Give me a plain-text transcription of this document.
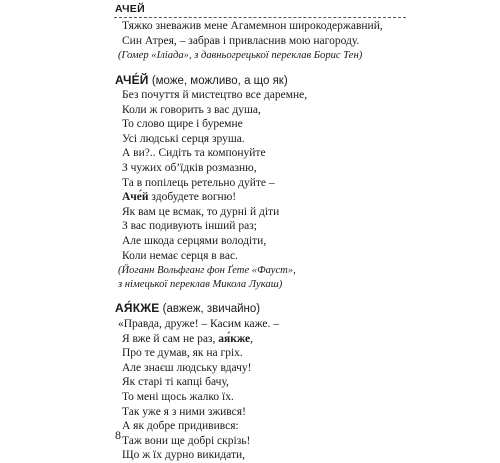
АЧЕЙ
Тяжко зневажив мене Агамемнон широкодержавний,
Син Атрея, – забрав і привласнив мою нагороду.
(Гомер «Іліада», з давньогрецької переклав Борис Тен)
АЧЕ́Й (може, можливо, а що як)
Без почуття й мистецтво все даремне,
Коли ж говорить з вас душа,
То слово щире і буремне
Усі людські серця зруша.
А ви?.. Сидіть та компонуйте
З чужих об’їдків розмазню,
Та в попілець ретельно дуйте –
Аче́й здобудете вогню!
Як вам це всмак, то дурні й діти
З вас подивують інший раз;
Але шкода серцями володіти,
Коли немає серця в вас.
(Йоганн Вольфганг фон Ґете «Фауст»,
з німецької переклав Микола Лукаш)
АЯ́КЖЕ (авжеж, звичайно)
«Правда, друже! – Касим каже. –
Я вже й сам не раз, ая́кже,
Про те думав, як на гріх.
Але знаєш людську вдачу!
Як старі ті капці бачу,
То мені щось жалко їх.
Так уже я з ними зжився!
А як добре придивився:
Таж вони ще добрі скрізь!
Що ж їх дурно викидати,
8
